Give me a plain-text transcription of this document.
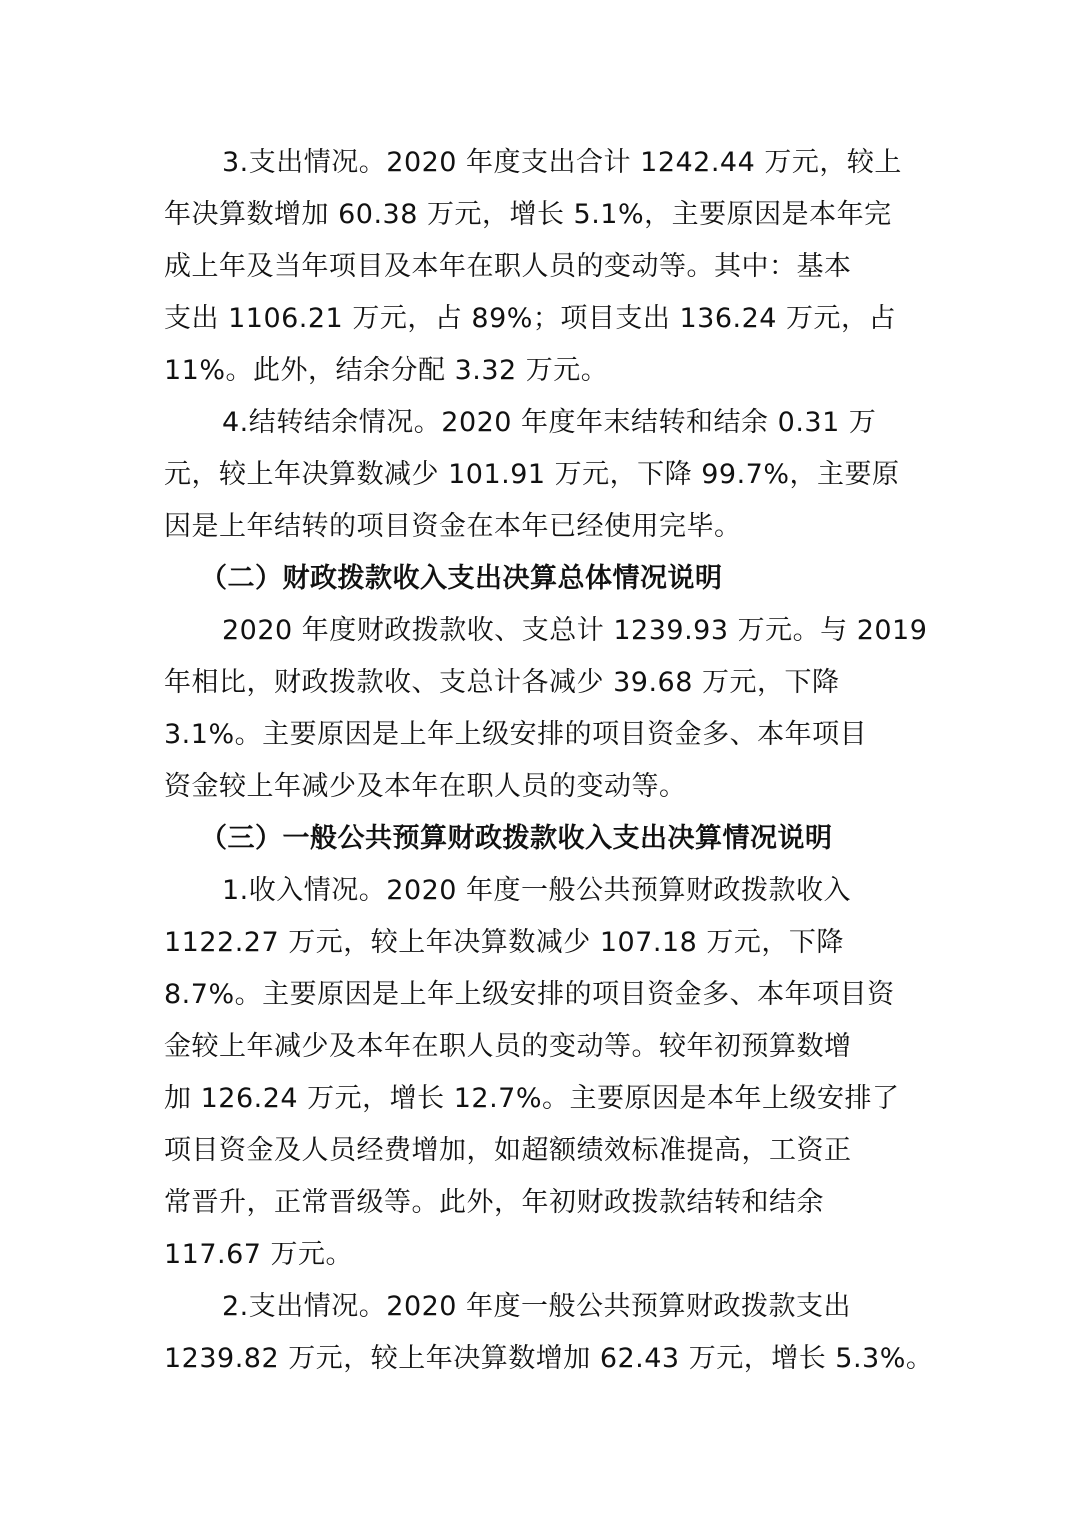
3.支出情况。2020 年度支出合计 1242.44 万元，较上
年决算数增加 60.38 万元，增长 5.1%，主要原因是本年完
成上年及当年项目及本年在职人员的变动等。其中：基本
支出 1106.21 万元，占 89%；项目支出 136.24 万元，占
11%。此外，结余分配 3.32 万元。
4.结转结余情况。2020 年度年末结转和结余 0.31 万
元，较上年决算数减少 101.91 万元，下降 99.7%，主要原
因是上年结转的项目资金在本年已经使用完毕。
（二）财政拨款收入支出决算总体情况说明
2020 年度财政拨款收、支总计 1239.93 万元。与 2019
年相比，财政拨款收、支总计各减少 39.68 万元，下降
3.1%。主要原因是上年上级安排的项目资金多、本年项目
资金较上年减少及本年在职人员的变动等。
（三）一般公共预算财政拨款收入支出决算情况说明
1.收入情况。2020 年度一般公共预算财政拨款收入
1122.27 万元，较上年决算数减少 107.18 万元，下降
8.7%。主要原因是上年上级安排的项目资金多、本年项目资
金较上年减少及本年在职人员的变动等。较年初预算数增
加 126.24 万元，增长 12.7%。主要原因是本年上级安排了
项目资金及人员经费增加，如超额绩效标准提高，工资正
常晋升，正常晋级等。此外，年初财政拨款结转和结余
117.67 万元。
2.支出情况。2020 年度一般公共预算财政拨款支出
1239.82 万元，较上年决算数增加 62.43 万元，增长 5.3%。
